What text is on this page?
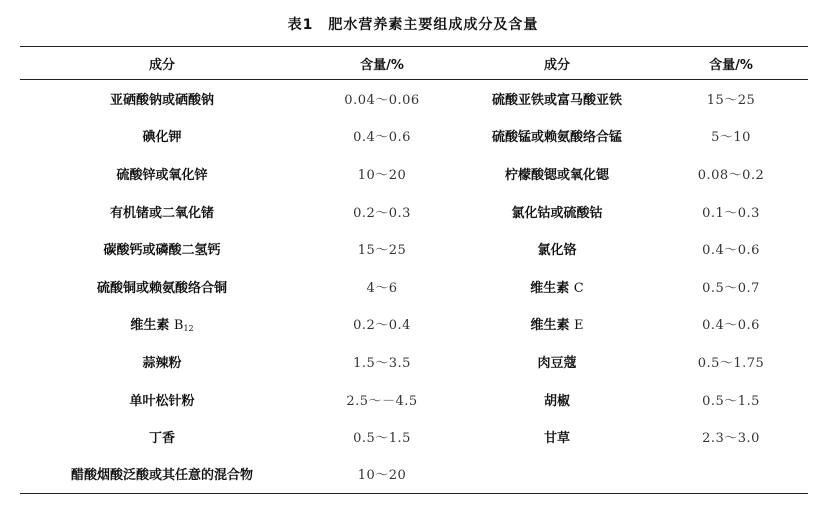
表1　肥水营养素主要组成成分及含量
成分	含量/%	成分	含量/%
亚硒酸钠或硒酸钠	0.04～0.06	硫酸亚铁或富马酸亚铁	15～25
碘化钾	0.4～0.6	硫酸锰或赖氨酸络合锰	5～10
硫酸锌或氧化锌	10～20	柠檬酸锶或氧化锶	0.08～0.2
有机锗或二氧化锗	0.2～0.3	氯化钴或硫酸钴	0.1～0.3
碳酸钙或磷酸二氢钙	15～25	氯化铬	0.4～0.6
硫酸铜或赖氨酸络合铜	4～6	维生素 C	0.5～0.7
维生素 $B_{12}$	0.2～0.4	维生素 E	0.4～0.6
蒜辣粉	1.5～3.5	肉豆蔻	0.5～1.75
单叶松针粉	2.5～－4.5	胡椒	0.5～1.5
丁香	0.5～1.5	甘草	2.3～3.0
醋酸烟酸泛酸或其任意的混合物	10～20		
